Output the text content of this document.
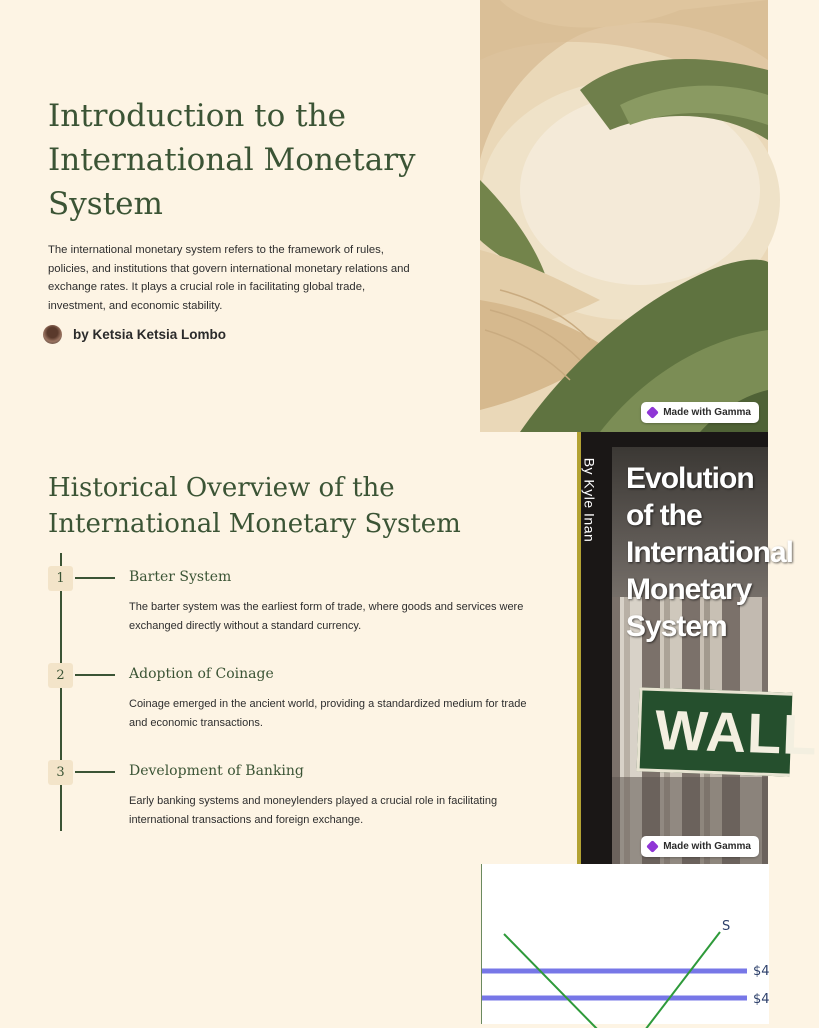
Introduction to the International Monetary System
The international monetary system refers to the framework of rules, policies, and institutions that govern international monetary relations and exchange rates. It plays a crucial role in facilitating global trade, investment, and economic stability.
by Ketsia Ketsia Lombo
Made with Gamma
Historical Overview of the International Monetary System
1	Barter System
The barter system was the earliest form of trade, where goods and services were exchanged directly without a standard currency.
2	Adoption of Coinage
Coinage emerged in the ancient world, providing a standardized medium for trade and economic transactions.
3	Development of Banking
Early banking systems and moneylenders played a crucial role in facilitating international transactions and foreign exchange.
By Kyle Inan Evolution
of the
International
Monetary
System
WALL
Made with Gamma
S
$4
$4
